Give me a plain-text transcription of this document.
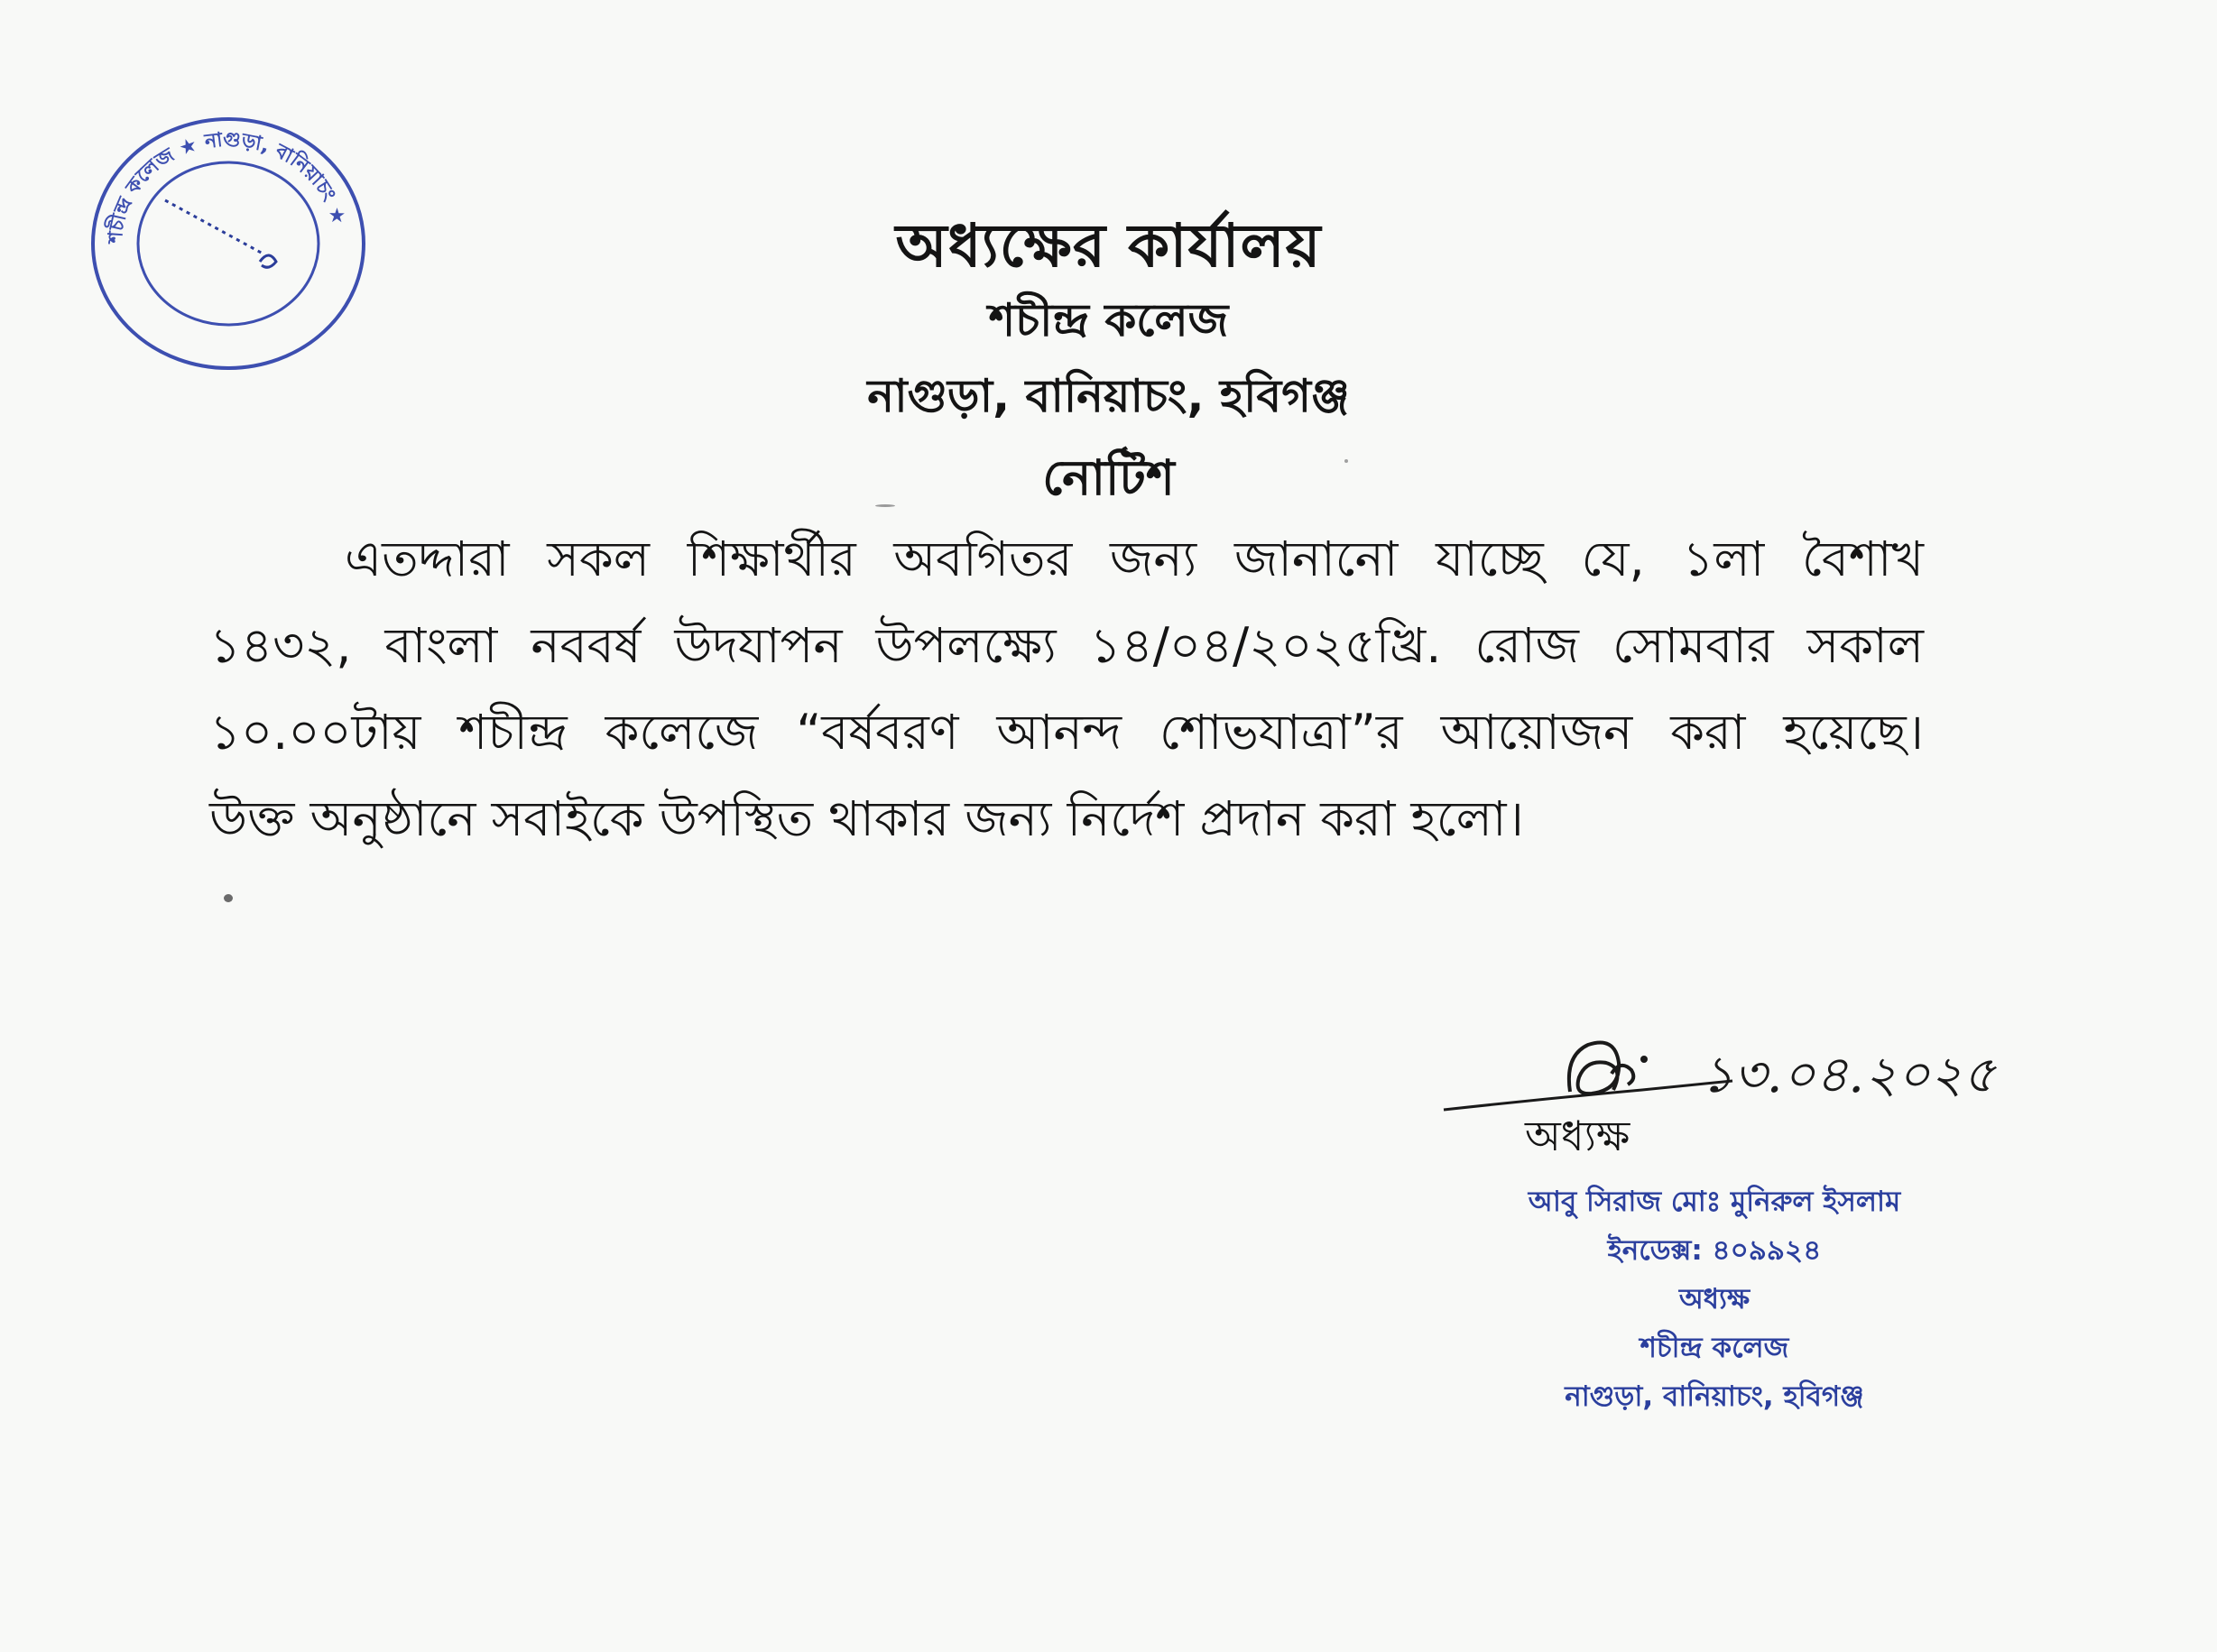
শচীন্দ্র কলেজ ★ নাগুড়া, বানিয়াচং ★	অধ্যক্ষের কার্যালয়
শচীন্দ্র কলেজ
নাগুড়া, বানিয়াচং, হবিগঞ্জ
নোটিশ

এতদ্দারা সকল শিক্ষার্থীর অবগিতর জন্য জানানো যাচ্ছে যে, ১লা বৈশাখ

১৪৩২, বাংলা নববর্ষ উদযাপন উপলক্ষ্যে ১৪/০৪/২০২৫খ্রি. রোজ সোমবার সকাল

১০.০০টায় শচীন্দ্র কলেজে “বর্ষবরণ আনন্দ শোভযাত্রা”র আয়োজন করা হয়েছে।

উক্ত অনুষ্ঠানে সবাইকে উপস্থিত থাকার জন্য নির্দেশ প্রদান করা হলো।

১৩.০৪.২০২৫

অধ্যক্ষ

আবু সিরাজ মোঃ মুনিরুল ইসলাম
ইনডেক্স: ৪০৯৯২৪
অধ্যক্ষ
শচীন্দ্র কলেজ
নাগুড়া, বানিয়াচং, হবিগঞ্জ
